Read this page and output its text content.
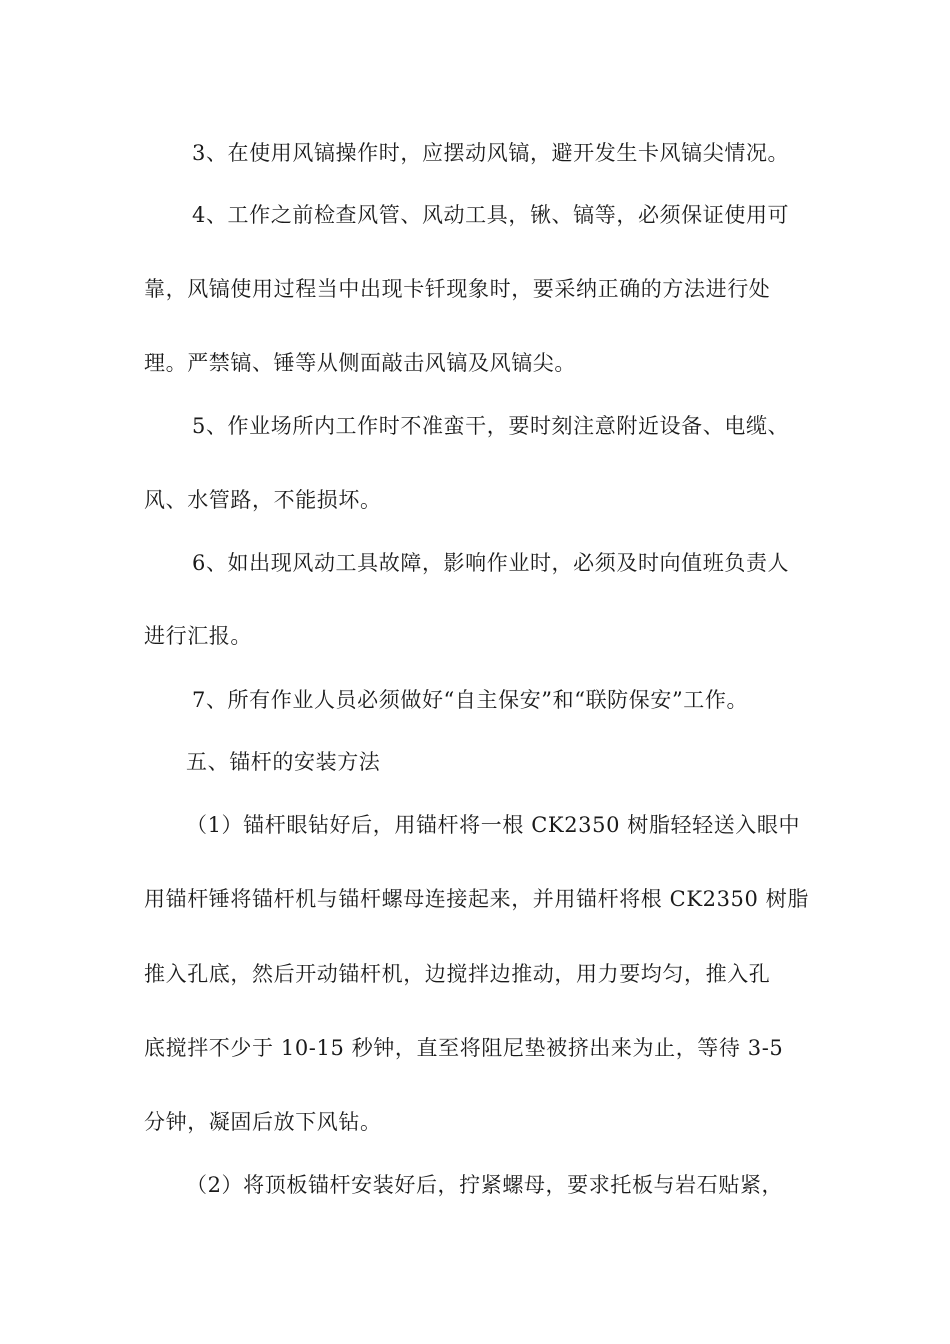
3、在使用风镐操作时，应摆动风镐，避开发生卡风镐尖情况。
4、工作之前检查风管、风动工具，锹、镐等，必须保证使用可
靠，风镐使用过程当中出现卡钎现象时，要采纳正确的方法进行处
理。严禁镐、锤等从侧面敲击风镐及风镐尖。
5、作业场所内工作时不准蛮干，要时刻注意附近设备、电缆、
风、水管路，不能损坏。
6、如出现风动工具故障，影响作业时，必须及时向值班负责人
进行汇报。
7、所有作业人员必须做好“自主保安”和“联防保安”工作。
五、锚杆的安装方法
（1）锚杆眼钻好后，用锚杆将一根 CK2350 树脂轻轻送入眼中
用锚杆锤将锚杆机与锚杆螺母连接起来，并用锚杆将根 CK2350 树脂
推入孔底，然后开动锚杆机，边搅拌边推动，用力要均匀，推入孔
底搅拌不少于 10-15 秒钟，直至将阻尼垫被挤出来为止，等待 3-5
分钟，凝固后放下风钻。
（2）将顶板锚杆安装好后，拧紧螺母，要求托板与岩石贴紧，
